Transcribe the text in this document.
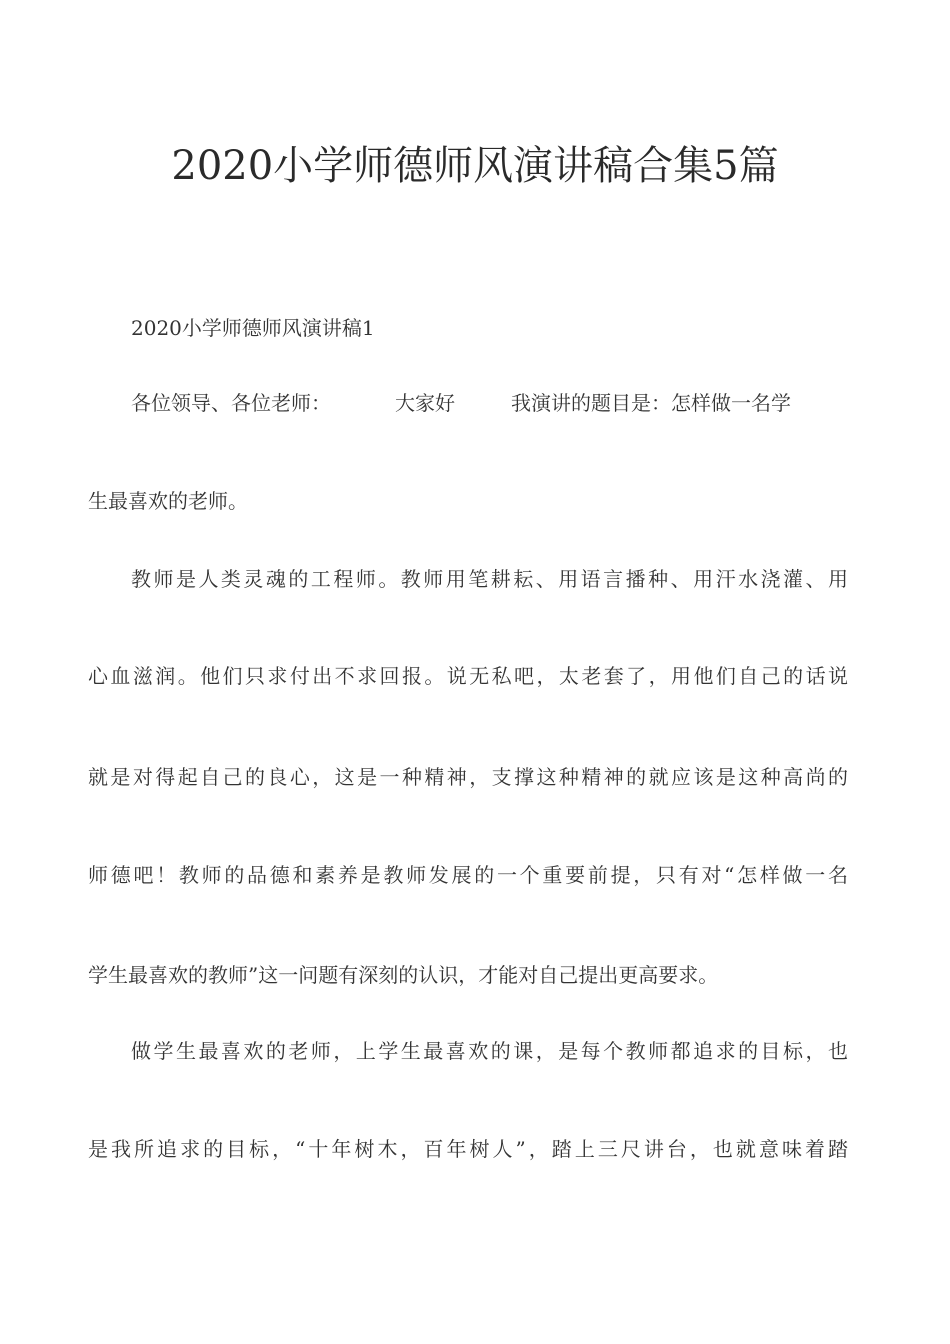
2020小学师德师风演讲稿合集5篇

2020小学师德师风演讲稿1

各位领导、各位老师：	大家好	我演讲的题目是：怎样做一名学

生最喜欢的老师。

教师是人类灵魂的工程师。教师用笔耕耘、用语言播种、用汗水浇灌、用

心血滋润。他们只求付出不求回报。说无私吧，太老套了，用他们自己的话说

就是对得起自己的良心，这是一种精神，支撑这种精神的就应该是这种高尚的

师德吧！教师的品德和素养是教师发展的一个重要前提，只有对“怎样做一名

学生最喜欢的教师”这一问题有深刻的认识，才能对自己提出更高要求。

做学生最喜欢的老师，上学生最喜欢的课，是每个教师都追求的目标，也

是我所追求的目标，“十年树木，百年树人”，踏上三尺讲台，也就意味着踏
